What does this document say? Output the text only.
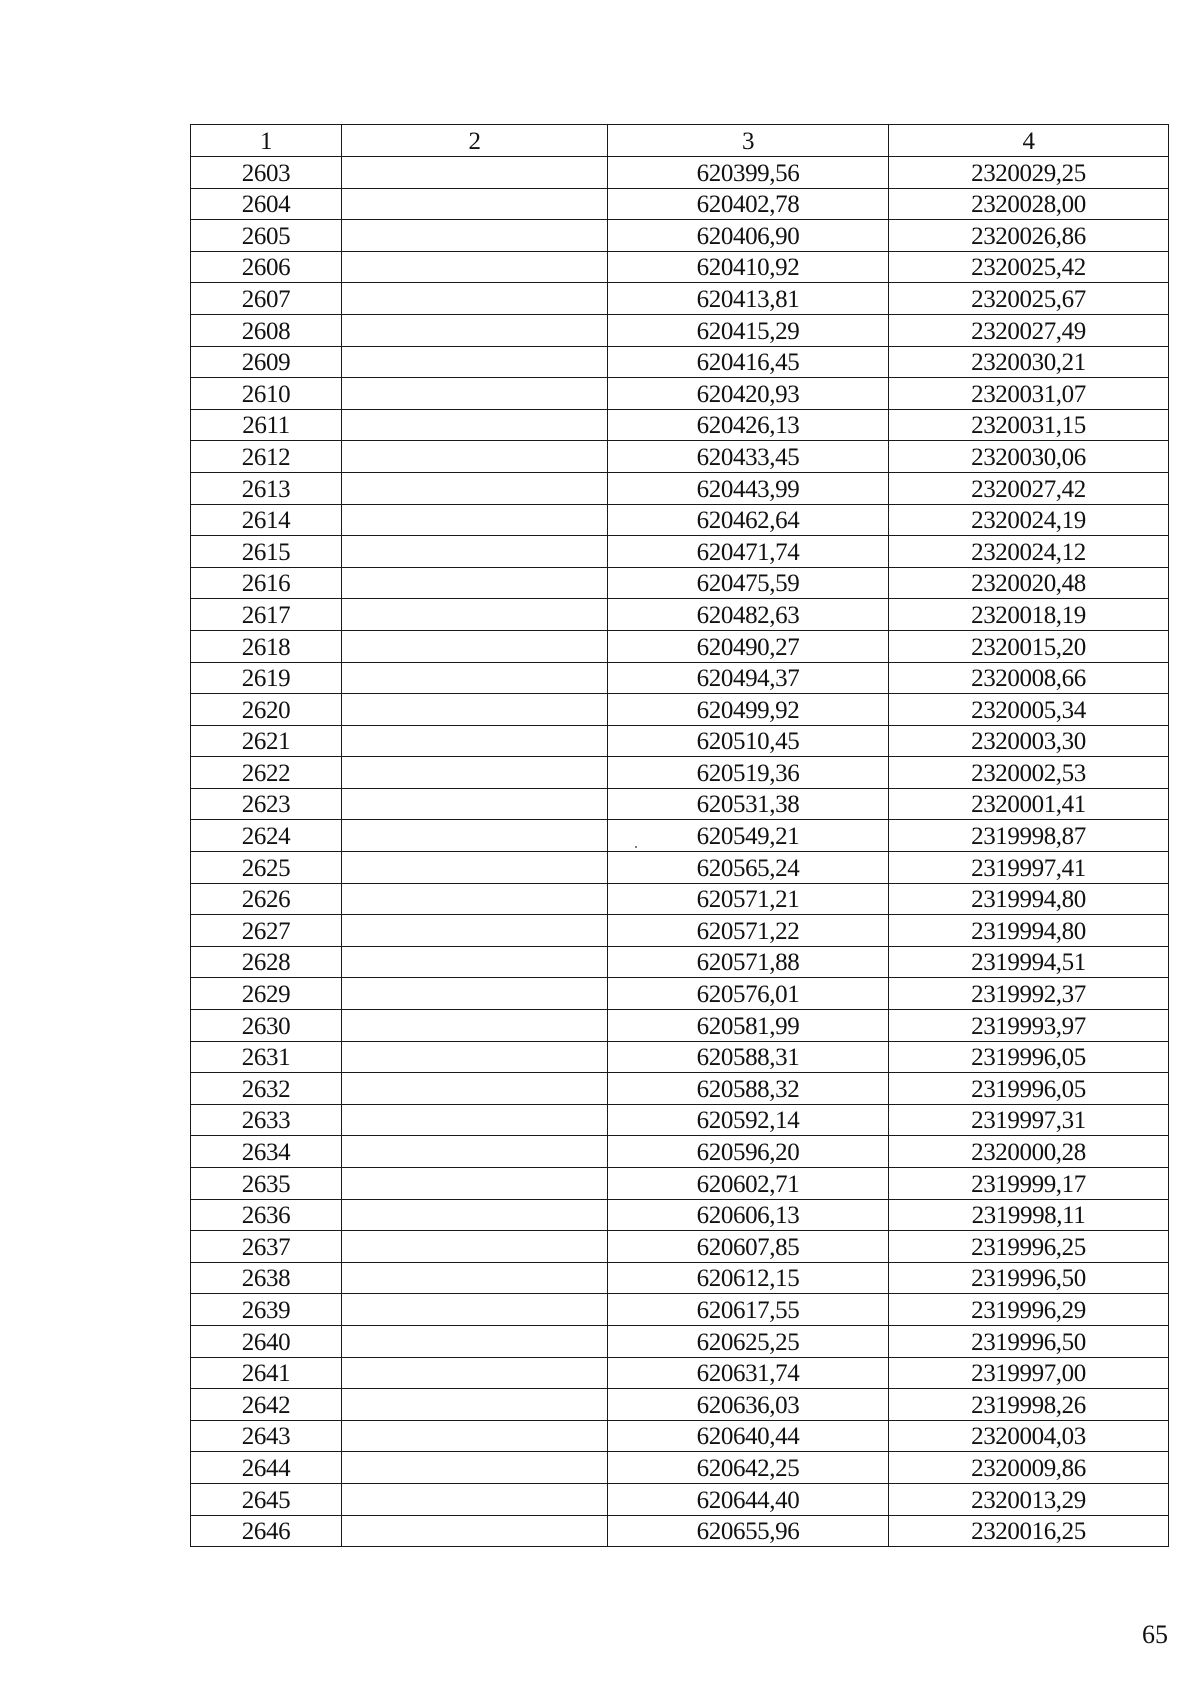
1	2	3	4
2603		620399,56	2320029,25
2604		620402,78	2320028,00
2605		620406,90	2320026,86
2606		620410,92	2320025,42
2607		620413,81	2320025,67
2608		620415,29	2320027,49
2609		620416,45	2320030,21
2610		620420,93	2320031,07
2611		620426,13	2320031,15
2612		620433,45	2320030,06
2613		620443,99	2320027,42
2614		620462,64	2320024,19
2615		620471,74	2320024,12
2616		620475,59	2320020,48
2617		620482,63	2320018,19
2618		620490,27	2320015,20
2619		620494,37	2320008,66
2620		620499,92	2320005,34
2621		620510,45	2320003,30
2622		620519,36	2320002,53
2623		620531,38	2320001,41
2624		620549,21	2319998,87
2625		620565,24	2319997,41
2626		620571,21	2319994,80
2627		620571,22	2319994,80
2628		620571,88	2319994,51
2629		620576,01	2319992,37
2630		620581,99	2319993,97
2631		620588,31	2319996,05
2632		620588,32	2319996,05
2633		620592,14	2319997,31
2634		620596,20	2320000,28
2635		620602,71	2319999,17
2636		620606,13	2319998,11
2637		620607,85	2319996,25
2638		620612,15	2319996,50
2639		620617,55	2319996,29
2640		620625,25	2319996,50
2641		620631,74	2319997,00
2642		620636,03	2319998,26
2643		620640,44	2320004,03
2644		620642,25	2320009,86
2645		620644,40	2320013,29
2646		620655,96	2320016,25
65
